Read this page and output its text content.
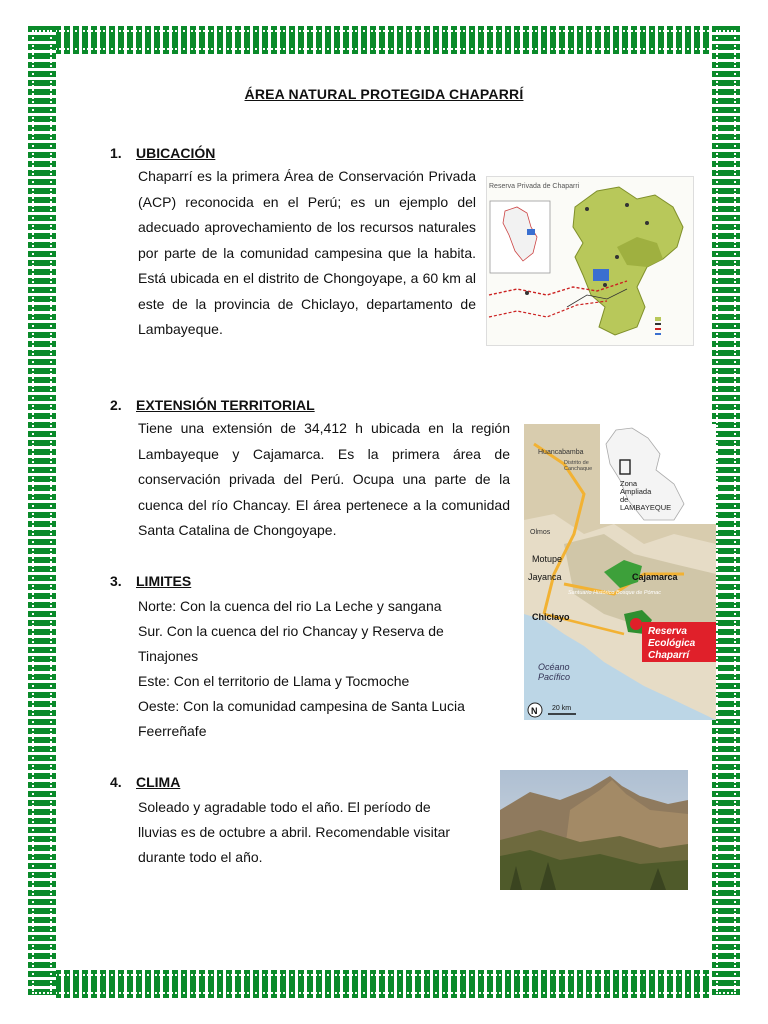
ÁREA NATURAL PROTEGIDA CHAPARRÍ
1. UBICACIÓN
Chaparrí es la primera Área de Conservación Privada (ACP) reconocida en el Perú; es un ejemplo del adecuado aprovechamiento de los recursos naturales por parte de la comunidad campesina que la habita. Está ubicada en el distrito de Chongoyape, a 60 km al este de la provincia de Chiclayo, departamento de Lambayeque.
Reserva Privada de Chaparri
2. EXTENSIÓN TERRITORIAL
Tiene una extensión de 34,412 h ubicada en la región Lambayeque y Cajamarca. Es la primera área de conservación privada del Perú. Ocupa una parte de la cuenca del río Chancay. El área pertenece a la comunidad Santa Catalina de Chongoyape.
Zona
Ampliada
de
LAMBAYEQUE
Huancabamba
Distrito de
Canchaque
Olmos
Motupe
Jayanca	Cajamarca
Chiclayo
Santuario Histórico Bosque de Pómac
Océano
Pacífico
Reserva
Ecológica
Chaparrí
N 20 km
3. LIMITES
Norte: Con la cuenca del rio La Leche y sangana
Sur. Con la cuenca del rio Chancay y Reserva de
Tinajones
Este: Con el territorio de Llama y Tocmoche
Oeste: Con la comunidad campesina de Santa Lucia
Feerreñafe
4. CLIMA
Soleado y agradable todo el año. El período de
lluvias es de octubre a abril. Recomendable visitar
durante todo el año.
